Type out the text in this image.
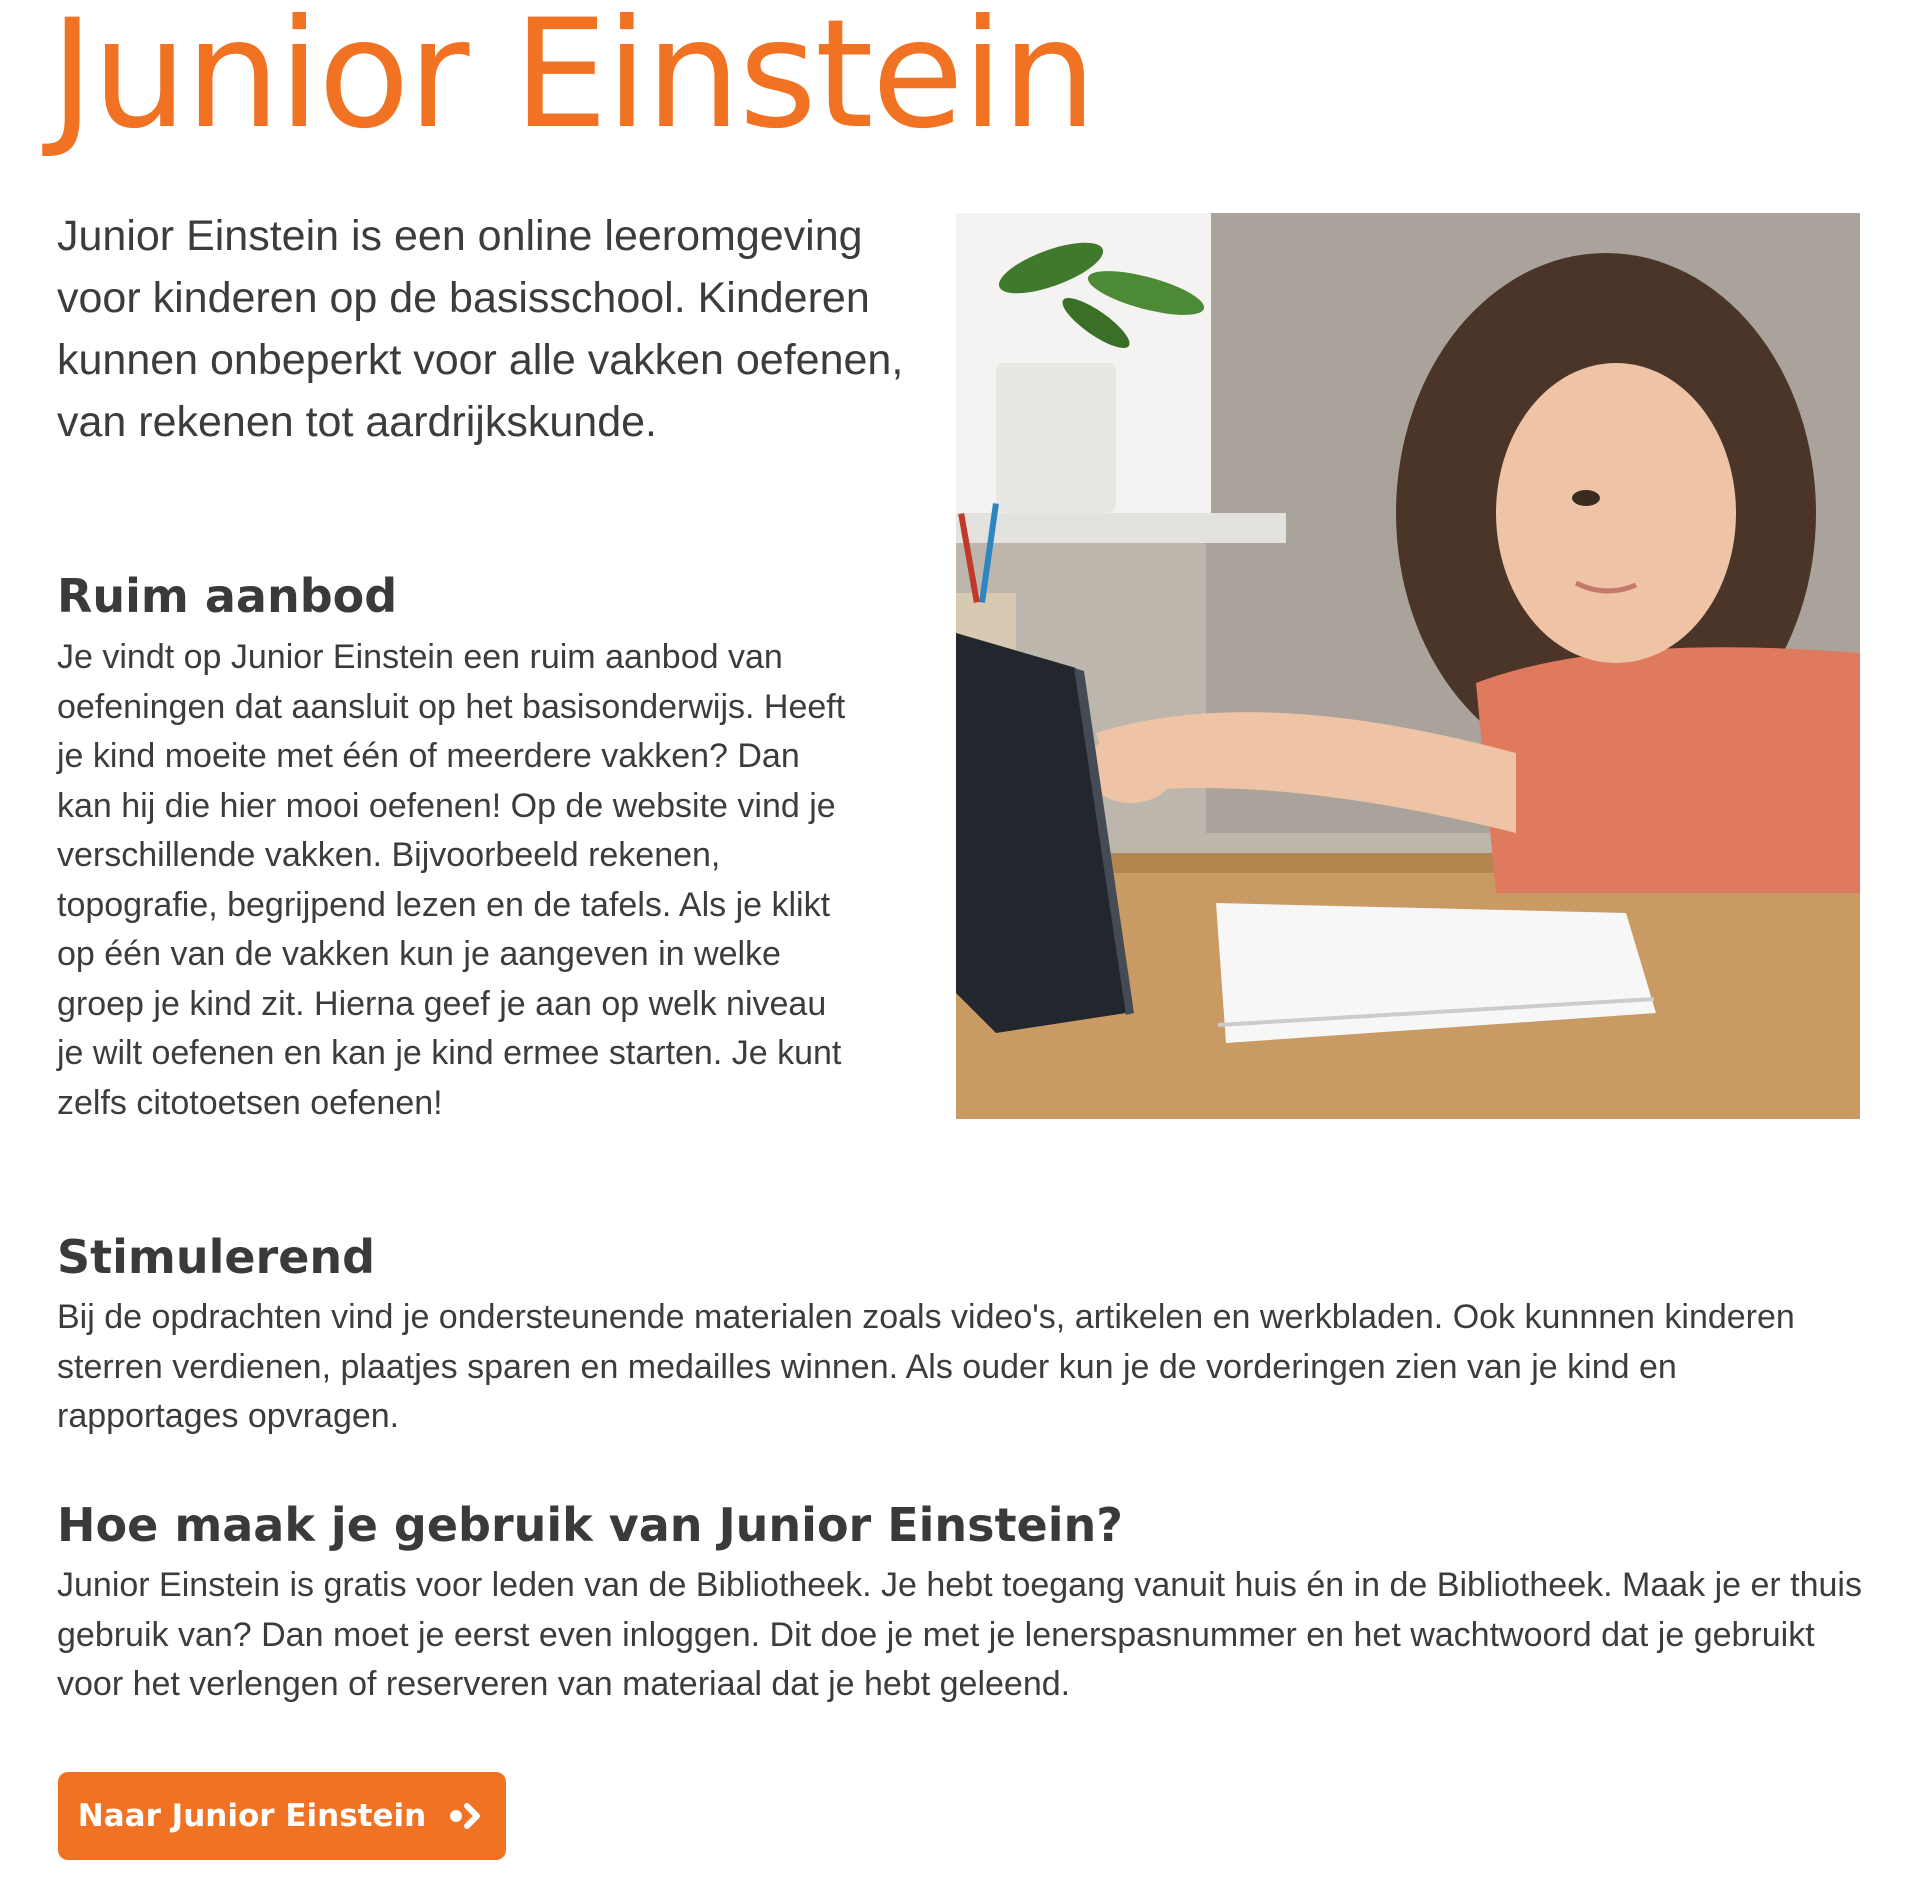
Junior Einstein

Junior Einstein is een online leeromgeving voor kinderen op de basisschool. Kinderen kunnen onbeperkt voor alle vakken oefenen, van rekenen tot aardrijkskunde.

Ruim aanbod

Je vindt op Junior Einstein een ruim aanbod van oefeningen dat aansluit op het basisonderwijs. Heeft je kind moeite met één of meerdere vakken? Dan kan hij die hier mooi oefenen! Op de website vind je verschillende vakken. Bijvoorbeeld rekenen, topografie, begrijpend lezen en de tafels. Als je klikt op één van de vakken kun je aangeven in welke groep je kind zit. Hierna geef je aan op welk niveau je wilt oefenen en kan je kind ermee starten. Je kunt zelfs citotoetsen oefenen!

Stimulerend

Bij de opdrachten vind je ondersteunende materialen zoals video's, artikelen en werkbladen. Ook kunnnen kinderen sterren verdienen, plaatjes sparen en medailles winnen. Als ouder kun je de vorderingen zien van je kind en rapportages opvragen.

Hoe maak je gebruik van Junior Einstein?

Junior Einstein is gratis voor leden van de Bibliotheek. Je hebt toegang vanuit huis én in de Bibliotheek. Maak je er thuis gebruik van? Dan moet je eerst even inloggen. Dit doe je met je lenerspasnummer en het wachtwoord dat je gebruikt voor het verlengen of reserveren van materiaal dat je hebt geleend.

Naar Junior Einstein
